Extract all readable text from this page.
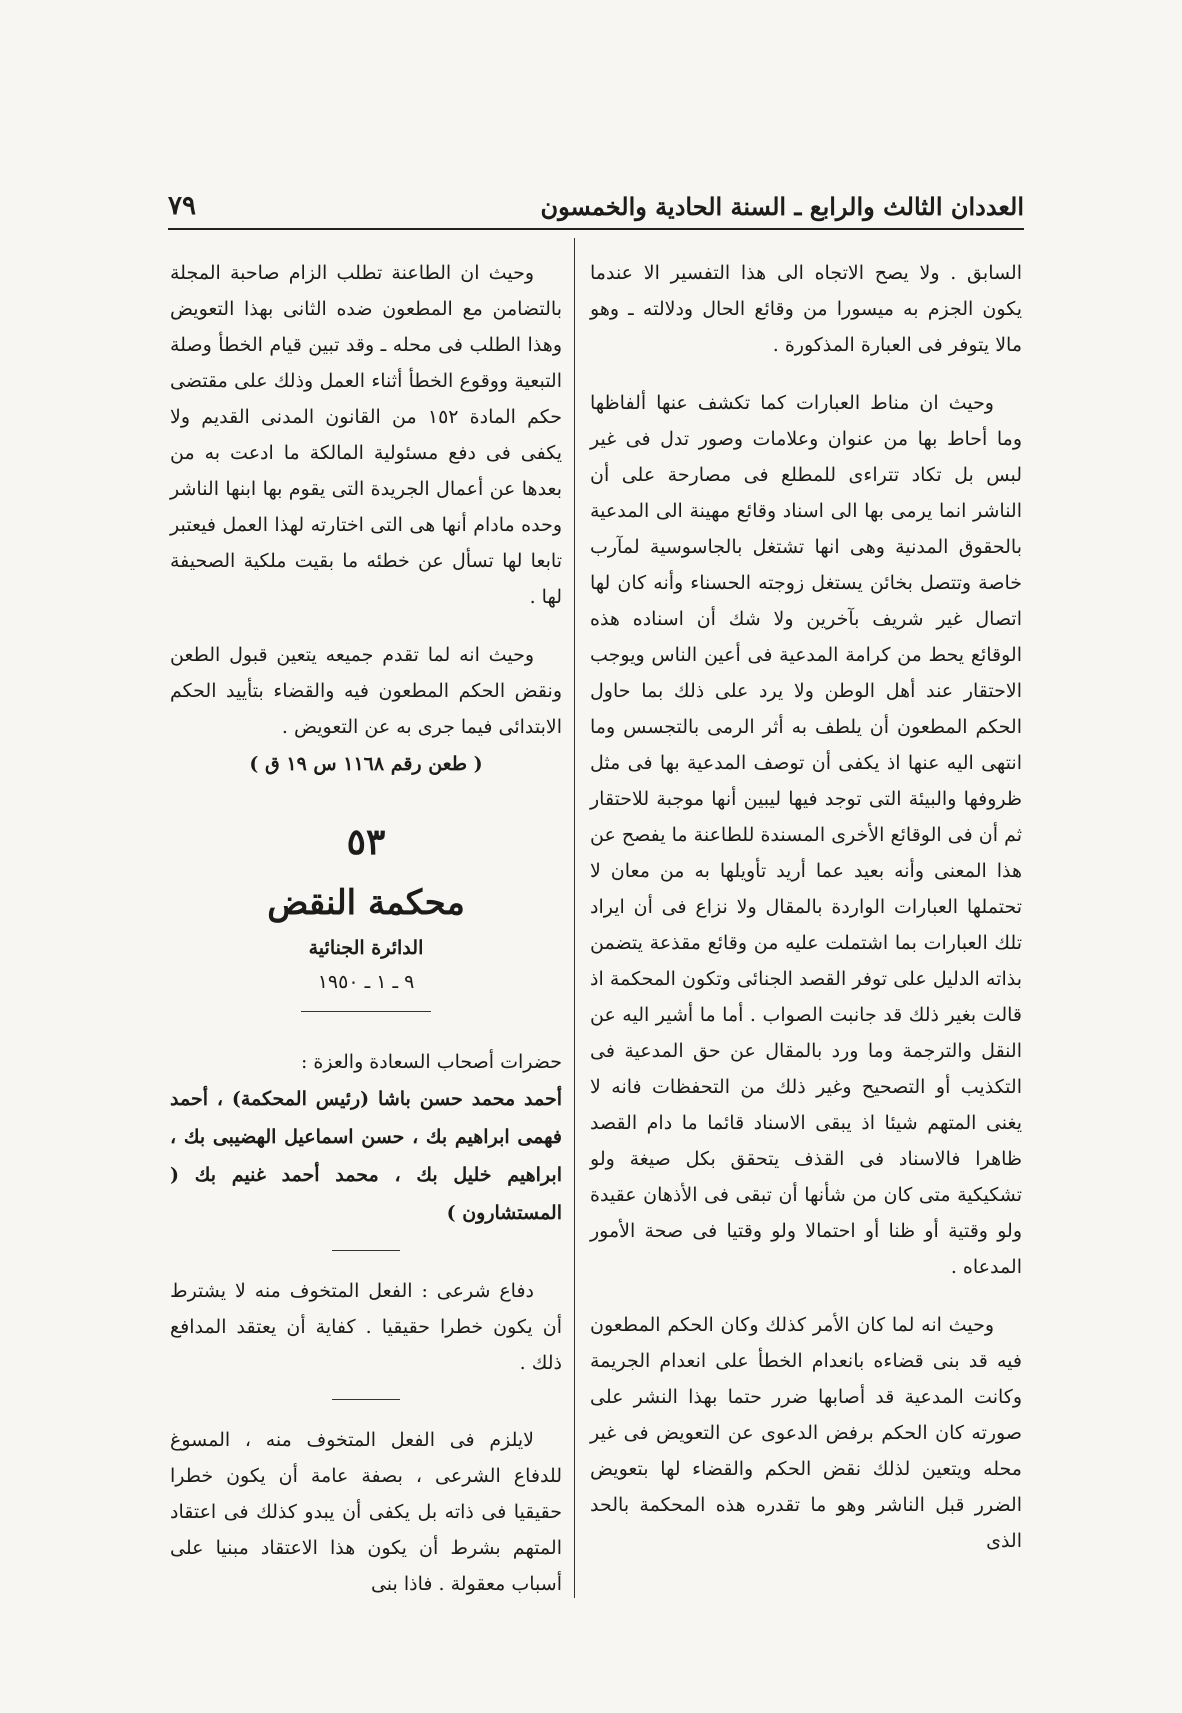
العددان الثالث والرابع ـ السنة الحادية والخمسون
٧٩

السابق . ولا يصح الاتجاه الى هذا التفسير الا عندما يكون الجزم به ميسورا من وقائع الحال ودلالته ـ وهو مالا يتوفر فى العبارة المذكورة .

وحيث ان مناط العبارات كما تكشف عنها ألفاظها وما أحاط بها من عنوان وعلامات وصور تدل فى غير لبس بل تكاد تتراءى للمطلع فى مصارحة على أن الناشر انما يرمى بها الى اسناد وقائع مهينة الى المدعية بالحقوق المدنية وهى انها تشتغل بالجاسوسية لمآرب خاصة وتتصل بخائن يستغل زوجته الحسناء وأنه كان لها اتصال غير شريف بآخرين ولا شك أن اسناده هذه الوقائع يحط من كرامة المدعية فى أعين الناس ويوجب الاحتقار عند أهل الوطن ولا يرد على ذلك بما حاول الحكم المطعون أن يلطف به أثر الرمى بالتجسس وما انتهى اليه عنها اذ يكفى أن توصف المدعية بها فى مثل ظروفها والبيئة التى توجد فيها ليبين أنها موجبة للاحتقار ثم أن فى الوقائع الأخرى المسندة للطاعنة ما يفصح عن هذا المعنى وأنه بعيد عما أريد تأويلها به من معان لا تحتملها العبارات الواردة بالمقال ولا نزاع فى أن ايراد تلك العبارات بما اشتملت عليه من وقائع مقذعة يتضمن بذاته الدليل على توفر القصد الجنائى وتكون المحكمة اذ قالت بغير ذلك قد جانبت الصواب . أما ما أشير اليه عن النقل والترجمة وما ورد بالمقال عن حق المدعية فى التكذيب أو التصحيح وغير ذلك من التحفظات فانه لا يغنى المتهم شيئا اذ يبقى الاسناد قائما ما دام القصد ظاهرا فالاسناد فى القذف يتحقق بكل صيغة ولو تشكيكية متى كان من شأنها أن تبقى فى الأذهان عقيدة ولو وقتية أو ظنا أو احتمالا ولو وقتيا فى صحة الأمور المدعاه .

وحيث انه لما كان الأمر كذلك وكان الحكم المطعون فيه قد بنى قضاءه بانعدام الخطأ على انعدام الجريمة وكانت المدعية قد أصابها ضرر حتما بهذا النشر على صورته كان الحكم برفض الدعوى عن التعويض فى غير محله ويتعين لذلك نقض الحكم والقضاء لها بتعويض الضرر قبل الناشر وهو ما تقدره هذه المحكمة بالحد الذى

وحيث ان الطاعنة تطلب الزام صاحبة المجلة بالتضامن مع المطعون ضده الثانى بهذا التعويض وهذا الطلب فى محله ـ وقد تبين قيام الخطأ وصلة التبعية ووقوع الخطأ أثناء العمل وذلك على مقتضى حكم المادة ١٥٢ من القانون المدنى القديم ولا يكفى فى دفع مسئولية المالكة ما ادعت به من بعدها عن أعمال الجريدة التى يقوم بها ابنها الناشر وحده مادام أنها هى التى اختارته لهذا العمل فيعتبر تابعا لها تسأل عن خطئه ما بقيت ملكية الصحيفة لها .

وحيث انه لما تقدم جميعه يتعين قبول الطعن ونقض الحكم المطعون فيه والقضاء بتأييد الحكم الابتدائى فيما جرى به عن التعويض .

( طعن رقم ١١٦٨ س ١٩ ق )
٥٣
محكمة النقض
الدائرة الجنائية
٩ ـ ١ ـ ١٩٥٠

حضرات أصحاب السعادة والعزة :

أحمد محمد حسن باشا (رئيس المحكمة) ، أحمد فهمى ابراهيم بك ، حسن اسماعيل الهضيبى بك ، ابراهيم خليل بك ، محمد أحمد غنيم بك ( المستشارون )

دفاع شرعى : الفعل المتخوف منه لا يشترط أن يكون خطرا حقيقيا . كفاية أن يعتقد المدافع ذلك .

لايلزم فى الفعل المتخوف منه ، المسوغ للدفاع الشرعى ، بصفة عامة أن يكون خطرا حقيقيا فى ذاته بل يكفى أن يبدو كذلك فى اعتقاد المتهم بشرط أن يكون هذا الاعتقاد مبنيا على أسباب معقولة . فاذا بنى
